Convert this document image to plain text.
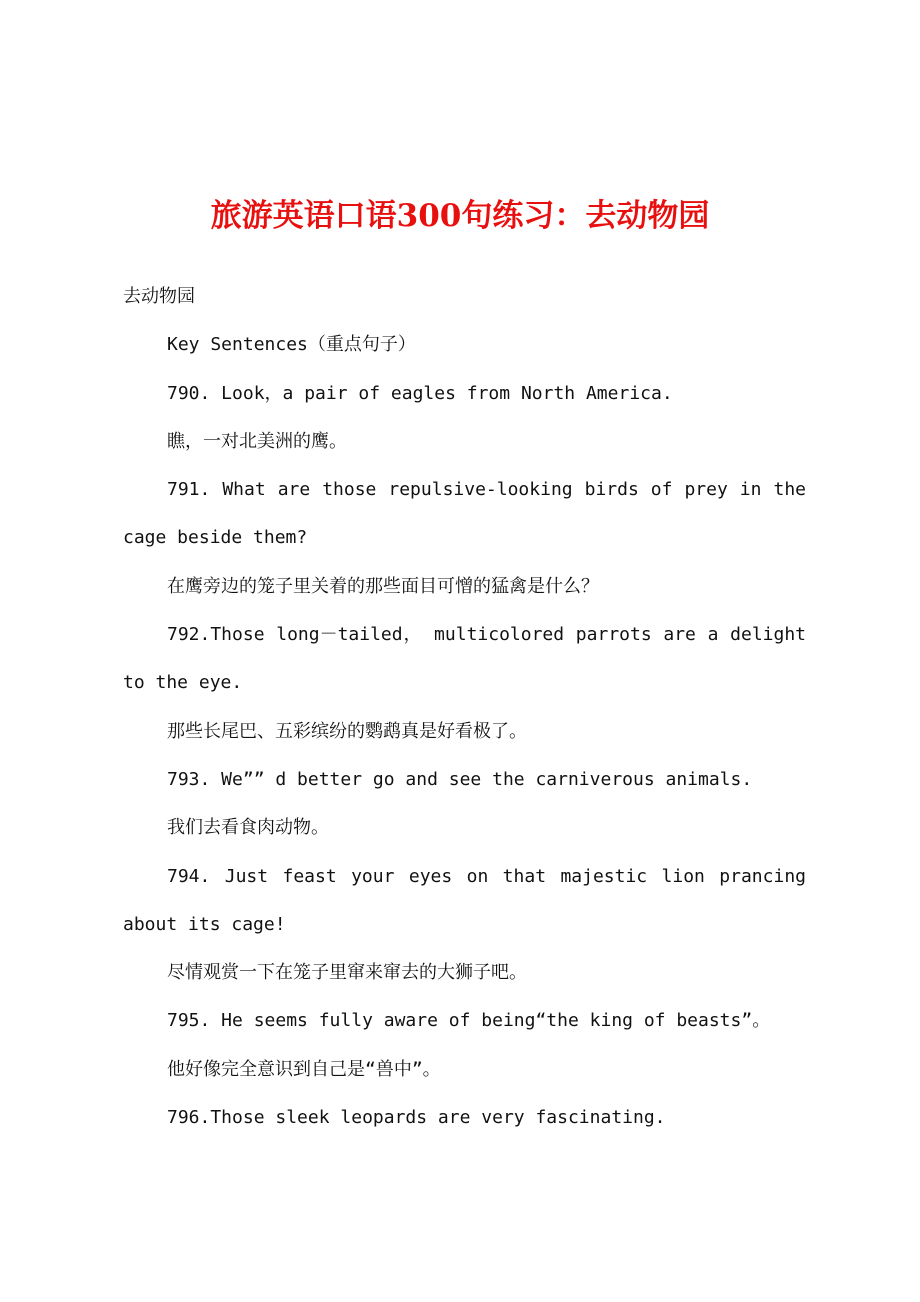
旅游英语口语300句练习：去动物园
去动物园
Key Sentences（重点句子）
790. Look，a pair of eagles from North America.
瞧，一对北美洲的鹰。
791. What are those repulsive-looking birds of prey in the cage beside them?
在鹰旁边的笼子里关着的那些面目可憎的猛禽是什么？
792.Those long－tailed， multicolored parrots are a delight to the eye.
那些长尾巴、五彩缤纷的鹦鹉真是好看极了。
793. We”” d better go and see the carniverous animals.
我们去看食肉动物。
794. Just feast your eyes on that majestic lion prancing about its cage!
尽情观赏一下在笼子里窜来窜去的大狮子吧。
795. He seems fully aware of being“the king of beasts”。
他好像完全意识到自己是“兽中”。
796.Those sleek leopards are very fascinating.
